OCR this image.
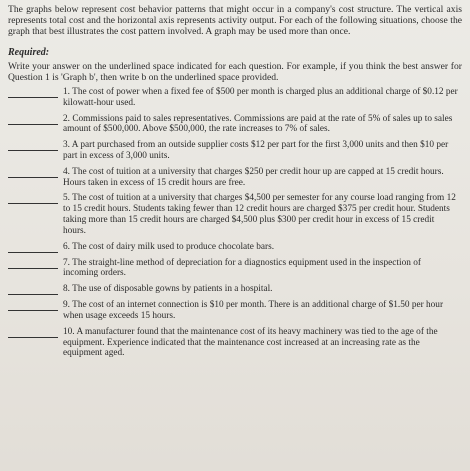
The graphs below represent cost behavior patterns that might occur in a company's cost structure. The vertical axis represents total cost and the horizontal axis represents activity output. For each of the following situations, choose the graph that best illustrates the cost pattern involved. A graph may be used more than once.

Required:

Write your answer on the underlined space indicated for each question. For example, if you think the best answer for Question 1 is 'Graph b', then write b on the underlined space provided.

1. The cost of power when a fixed fee of $500 per month is charged plus an additional charge of $0.12 per kilowatt-hour used.
2. Commissions paid to sales representatives. Commissions are paid at the rate of 5% of sales up to sales amount of $500,000. Above $500,000, the rate increases to 7% of sales.
3. A part purchased from an outside supplier costs $12 per part for the first 3,000 units and then $10 per part in excess of 3,000 units.
4. The cost of tuition at a university that charges $250 per credit hour up are capped at 15 credit hours. Hours taken in excess of 15 credit hours are free.
5. The cost of tuition at a university that charges $4,500 per semester for any course load ranging from 12 to 15 credit hours. Students taking fewer than 12 credit hours are charged $375 per credit hour. Students taking more than 15 credit hours are charged $4,500 plus $300 per credit hour in excess of 15 credit hours.
6. The cost of dairy milk used to produce chocolate bars.
7. The straight-line method of depreciation for a diagnostics equipment used in the inspection of incoming orders.
8. The use of disposable gowns by patients in a hospital.
9. The cost of an internet connection is $10 per month. There is an additional charge of $1.50 per hour when usage exceeds 15 hours.
10. A manufacturer found that the maintenance cost of its heavy machinery was tied to the age of the equipment. Experience indicated that the maintenance cost increased at an increasing rate as the equipment aged.
